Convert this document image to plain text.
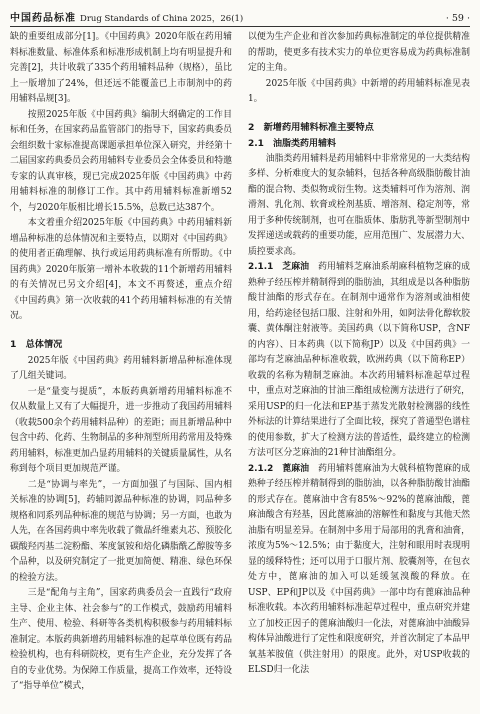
中国药品标准 Drug Standards of China 2025，26(1)	· 59 ·

缺的重要组成部分[1]。《中国药典》2020年版在药用辅料标准数量、标准体系和标准形成机制上均有明显提升和完善[2]，共计收载了335个药用辅料品种（规格），虽比上一版增加了24%，但还远不能覆盖已上市制剂中的药用辅料品规[3]。

按照2025年版《中国药典》编制大纲确定的工作目标和任务，在国家药品监管部门的指导下，国家药典委员会组织数十家标准提高课题承担单位深入研究，并经第十二届国家药典委员会药用辅料专业委员会全体委员和特邀专家的认真审核，现已完成2025年版《中国药典》中药用辅料标准的制修订工作。其中药用辅料标准新增52个，与2020年版相比增长15.5%，总数已达387个。

本文着重介绍2025年版《中国药典》中药用辅料新增品种标准的总体情况和主要特点，以期对《中国药典》的使用者正确理解、执行或运用药典标准有所帮助。《中国药典》2020年版第一增补本收载的11个新增药用辅料的有关情况已另文介绍[4]，本文不再赘述，重点介绍《中国药典》第一次收载的41个药用辅料标准的有关情况。

1　总体情况

2025年版《中国药典》药用辅料新增品种标准体现了几组关键词。

一是“量变与提质”，本版药典新增药用辅料标准不仅从数量上又有了大幅提升，进一步推动了我国药用辅料（收载500余个药用辅料品种）的差距；而且新增品种中包含中药、化药、生物制品的多种剂型所用药常用及特殊药用辅料，标准更加凸显药用辅料的关键质量属性，从名称到每个项目更加规范严谨。

二是“协调与率先”，一方面加强了与国际、国内相关标准的协调[5]，药辅同源品种标准的协调，同品种多规格和同系列品种标准的规范与协调；另一方面，也敢为人先，在各国药典中率先收载了微晶纤维素丸芯、预胶化碳酸羟丙基二淀粉酯、苯度氯铵和焙化磷脂酰乙醇胺等多个品种，以及研究制定了一批更加简便、精准、绿色环保的检验方法。

三是“配角与主角”，国家药典委员会一直践行“政府主导、企业主体、社会参与”的工作模式，鼓励药用辅料生产、使用、检验、科研等各类机构积极参与药用辅料标准制定。本版药典新增药用辅料标准的起草单位既有药品检验机构，也有科研院校，更有生产企业，充分发挥了各自的专业优势。为保障工作质量，提高工作效率，还特设了“指导单位”模式，

以便为生产企业和首次参加药典标准制定的单位提供精准的帮助，使更多有技术实力的单位更容易成为药典标准制定的主角。

2025年版《中国药典》中新增的药用辅料标准见表1。

2　新增药用辅料标准主要特点
2.1　油脂类药用辅料

油脂类药用辅料是药用辅料中非常常见的一大类结构多样、分析难度大的复杂辅料，包括各种高级脂肪酸甘油酯的混合物、类似物或衍生物。这类辅料可作为溶剂、润滑剂、乳化剂、软膏或栓剂基质、增溶剂、稳定剂等，常用于多种传统制剂，也可在脂质体、脂肪乳等新型制剂中发挥递送或载药的重要功能，应用范围广、发展潜力大、质控要求高。

2.1.1　芝麻油　 药用辅料芝麻油系胡麻科植物芝麻的成熟种子经压榨并精制得到的脂肪油，其组成是以各种脂肪酸甘油酯的形式存在。在制剂中通常作为溶剂或油相使用，给药途径包括口服、注射和外用，如阿法骨化醇软胶囊、黄体酮注射液等。美国药典（以下简称USP，含NF的内容）、日本药典（以下简称JP）以及《中国药典》一部均有芝麻油品种标准收载，欧洲药典（以下简称EP）收载的名称为精制芝麻油。本次药用辅料标准起草过程中，重点对芝麻油的甘油三酯组成检测方法进行了研究，采用USP的归一化法和EP基于蒸发光散射检测器的线性外标法的计算结果进行了全面比较，探究了普通型色谱柱的使用参数，扩大了检测方法的普适性，最终建立的检测方法可区分芝麻油的21种甘油酯组分。

2.1.2　蓖麻油　 药用辅料蓖麻油为大戟科植物蓖麻的成熟种子经压榨并精制得到的脂肪油，以各种脂肪酸甘油酯的形式存在。蓖麻油中含有85%～92%的蓖麻油酸，蓖麻油酸含有羟基，因此蓖麻油的溶解性和黏度与其他天然油脂有明显差异。在制剂中多用于局部用的乳膏和油膏，浓度为5%～12.5%；由于黏度大，注射和眼用时表现明显的缓释特性；还可以用于口服片剂、胶囊剂等，在包衣处方中，蓖麻油的加入可以延缓氢溴酸的释放。在USP、EP和JP以及《中国药典》一部中均有蓖麻油品种标准收载。本次药用辅料标准起草过程中，重点研究并建立了加校正因子的蓖麻油酸归一化法，对蓖麻油中油酸异构体异油酸进行了定性和限度研究，并首次制定了本品甲氧基苯胺值（供注射用）的限度。此外，对USP收载的ELSD归一化法
